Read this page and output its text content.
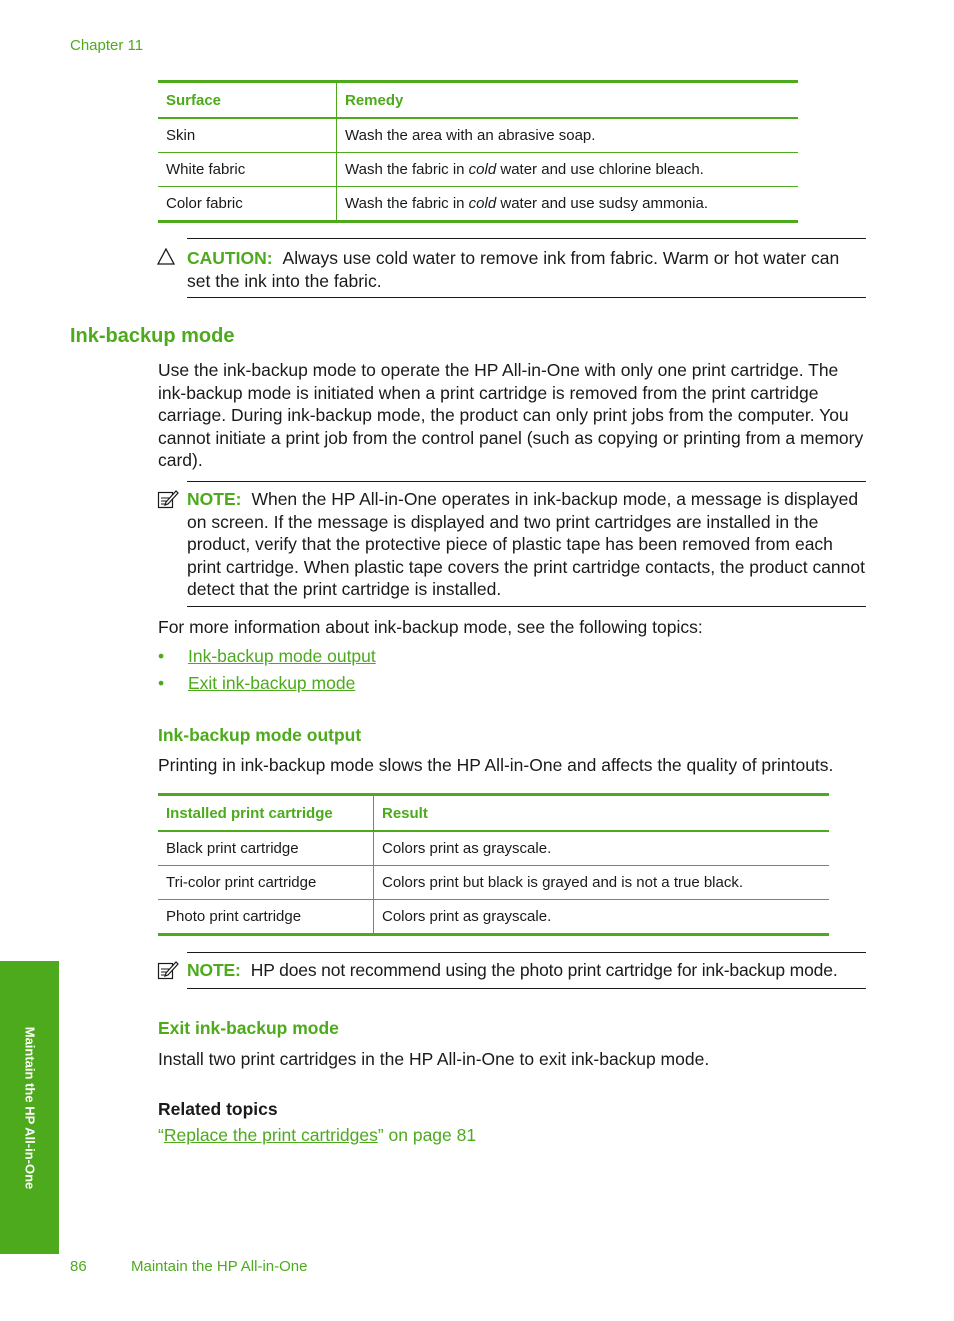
Chapter 11
Surface	Remedy
Skin	Wash the area with an abrasive soap.
White fabric	Wash the fabric in cold water and use chlorine bleach.
Color fabric	Wash the fabric in cold water and use sudsy ammonia.
CAUTION: Always use cold water to remove ink from fabric. Warm or hot water can set the ink into the fabric.
Ink-backup mode

Use the ink-backup mode to operate the HP All-in-One with only one print cartridge. The ink-backup mode is initiated when a print cartridge is removed from the print cartridge carriage. During ink-backup mode, the product can only print jobs from the computer. You cannot initiate a print job from the control panel (such as copying or printing from a memory card).

NOTE: When the HP All-in-One operates in ink-backup mode, a message is displayed on screen. If the message is displayed and two print cartridges are installed in the product, verify that the protective piece of plastic tape has been removed from each print cartridge. When plastic tape covers the print cartridge contacts, the product cannot detect that the print cartridge is installed.

For more information about ink-backup mode, see the following topics:

• Ink-backup mode output
• Exit ink-backup mode
Ink-backup mode output

Printing in ink-backup mode slows the HP All-in-One and affects the quality of printouts.

Installed print cartridge	Result
Black print cartridge	Colors print as grayscale.
Tri-color print cartridge	Colors print but black is grayed and is not a true black.
Photo print cartridge	Colors print as grayscale.
NOTE: HP does not recommend using the photo print cartridge for ink-backup mode.
Exit ink-backup mode

Install two print cartridges in the HP All-in-One to exit ink-backup mode.

Related topics

“Replace the print cartridges” on page 81
Maintain the HP All-in-One
86	Maintain the HP All-in-One
